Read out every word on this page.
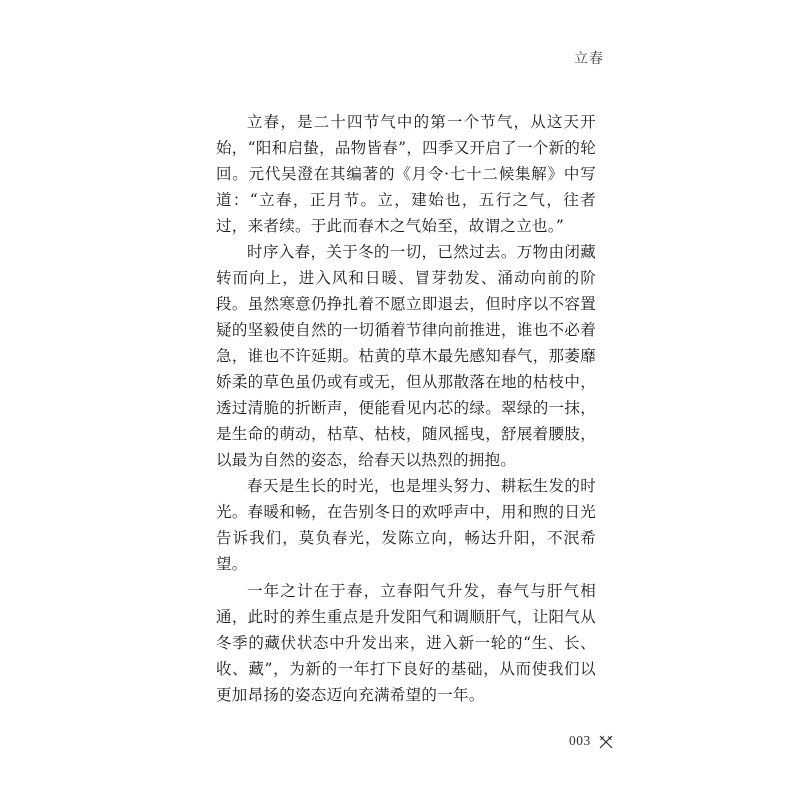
立春

立春，是二十四节气中的第一个节气，从这天开始，“阳和启蛰，品物皆春”，四季又开启了一个新的轮回。元代吴澄在其编著的《月令·七十二候集解》中写道：“立春，正月节。立，建始也，五行之气，往者过，来者续。于此而春木之气始至，故谓之立也。”

时序入春，关于冬的一切，已然过去。万物由闭藏转而向上，进入风和日暖、冒芽勃发、涌动向前的阶段。虽然寒意仍挣扎着不愿立即退去，但时序以不容置疑的坚毅使自然的一切循着节律向前推进，谁也不必着急，谁也不许延期。枯黄的草木最先感知春气，那萎靡娇柔的草色虽仍或有或无，但从那散落在地的枯枝中，透过清脆的折断声，便能看见内芯的绿。翠绿的一抹，是生命的萌动，枯草、枯枝，随风摇曳，舒展着腰肢，以最为自然的姿态，给春天以热烈的拥抱。

春天是生长的时光，也是埋头努力、耕耘生发的时光。春暖和畅，在告别冬日的欢呼声中，用和煦的日光告诉我们，莫负春光，发陈立向，畅达升阳，不泯希望。

一年之计在于春，立春阳气升发，春气与肝气相通，此时的养生重点是升发阳气和调顺肝气，让阳气从冬季的藏伏状态中升发出来，进入新一轮的“生、长、收、藏”，为新的一年打下良好的基础，从而使我们以更加昂扬的姿态迈向充满希望的一年。

003
